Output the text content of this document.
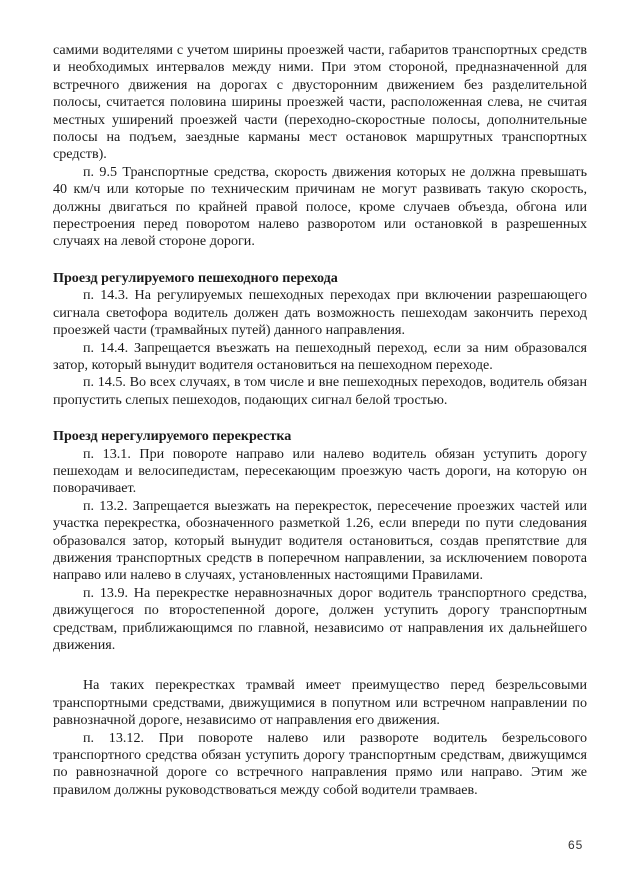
самими водителями с учетом ширины проезжей части, габаритов транспортных средств и необходимых интервалов между ними. При этом стороной, предназначенной для встречного движения на дорогах с двусторонним движением без разделительной полосы, считается половина ширины проезжей части, расположенная слева, не считая местных уширений проезжей части (переходно-скоростные полосы, дополнительные полосы на подъем, заездные карманы мест остановок маршрутных транспортных средств).

п. 9.5 Транспортные средства, скорость движения которых не должна превышать 40 км/ч или которые по техническим причинам не могут развивать такую скорость, должны двигаться по крайней правой полосе, кроме случаев объезда, обгона или перестроения перед поворотом налево разворотом или остановкой в разрешенных случаях на левой стороне дороги.

Проезд регулируемого пешеходного перехода

п. 14.3. На регулируемых пешеходных переходах при включении разрешающего сигнала светофора водитель должен дать возможность пешеходам закончить переход проезжей части (трамвайных путей) данного направления.

п. 14.4. Запрещается въезжать на пешеходный переход, если за ним образовался затор, который вынудит водителя остановиться на пешеходном переходе.

п. 14.5. Во всех случаях, в том числе и вне пешеходных переходов, водитель обязан пропустить слепых пешеходов, подающих сигнал белой тростью.

Проезд нерегулируемого перекрестка

п. 13.1. При повороте направо или налево водитель обязан уступить дорогу пешеходам и велосипедистам, пересекающим проезжую часть дороги, на которую он поворачивает.

п. 13.2. Запрещается выезжать на перекресток, пересечение проезжих частей или участка перекрестка, обозначенного разметкой 1.26, если впереди по пути следования образовался затор, который вынудит водителя остановиться, создав препятствие для движения транспортных средств в поперечном направлении, за исключением поворота направо или налево в случаях, установленных настоящими Правилами.

п. 13.9. На перекрестке неравнозначных дорог водитель транспортного средства, движущегося по второстепенной дороге, должен уступить дорогу транспортным средствам, приближающимся по главной, независимо от направления их дальнейшего движения.

На таких перекрестках трамвай имеет преимущество перед безрельсовыми транспортными средствами, движущимися в попутном или встречном направлении по равнозначной дороге, независимо от направления его движения.

п. 13.12. При повороте налево или развороте водитель безрельсового транспортного средства обязан уступить дорогу транспортным средствам, движущимся по равнозначной дороге со встречного направления прямо или направо. Этим же правилом должны руководствоваться между собой водители трамваев.

65
